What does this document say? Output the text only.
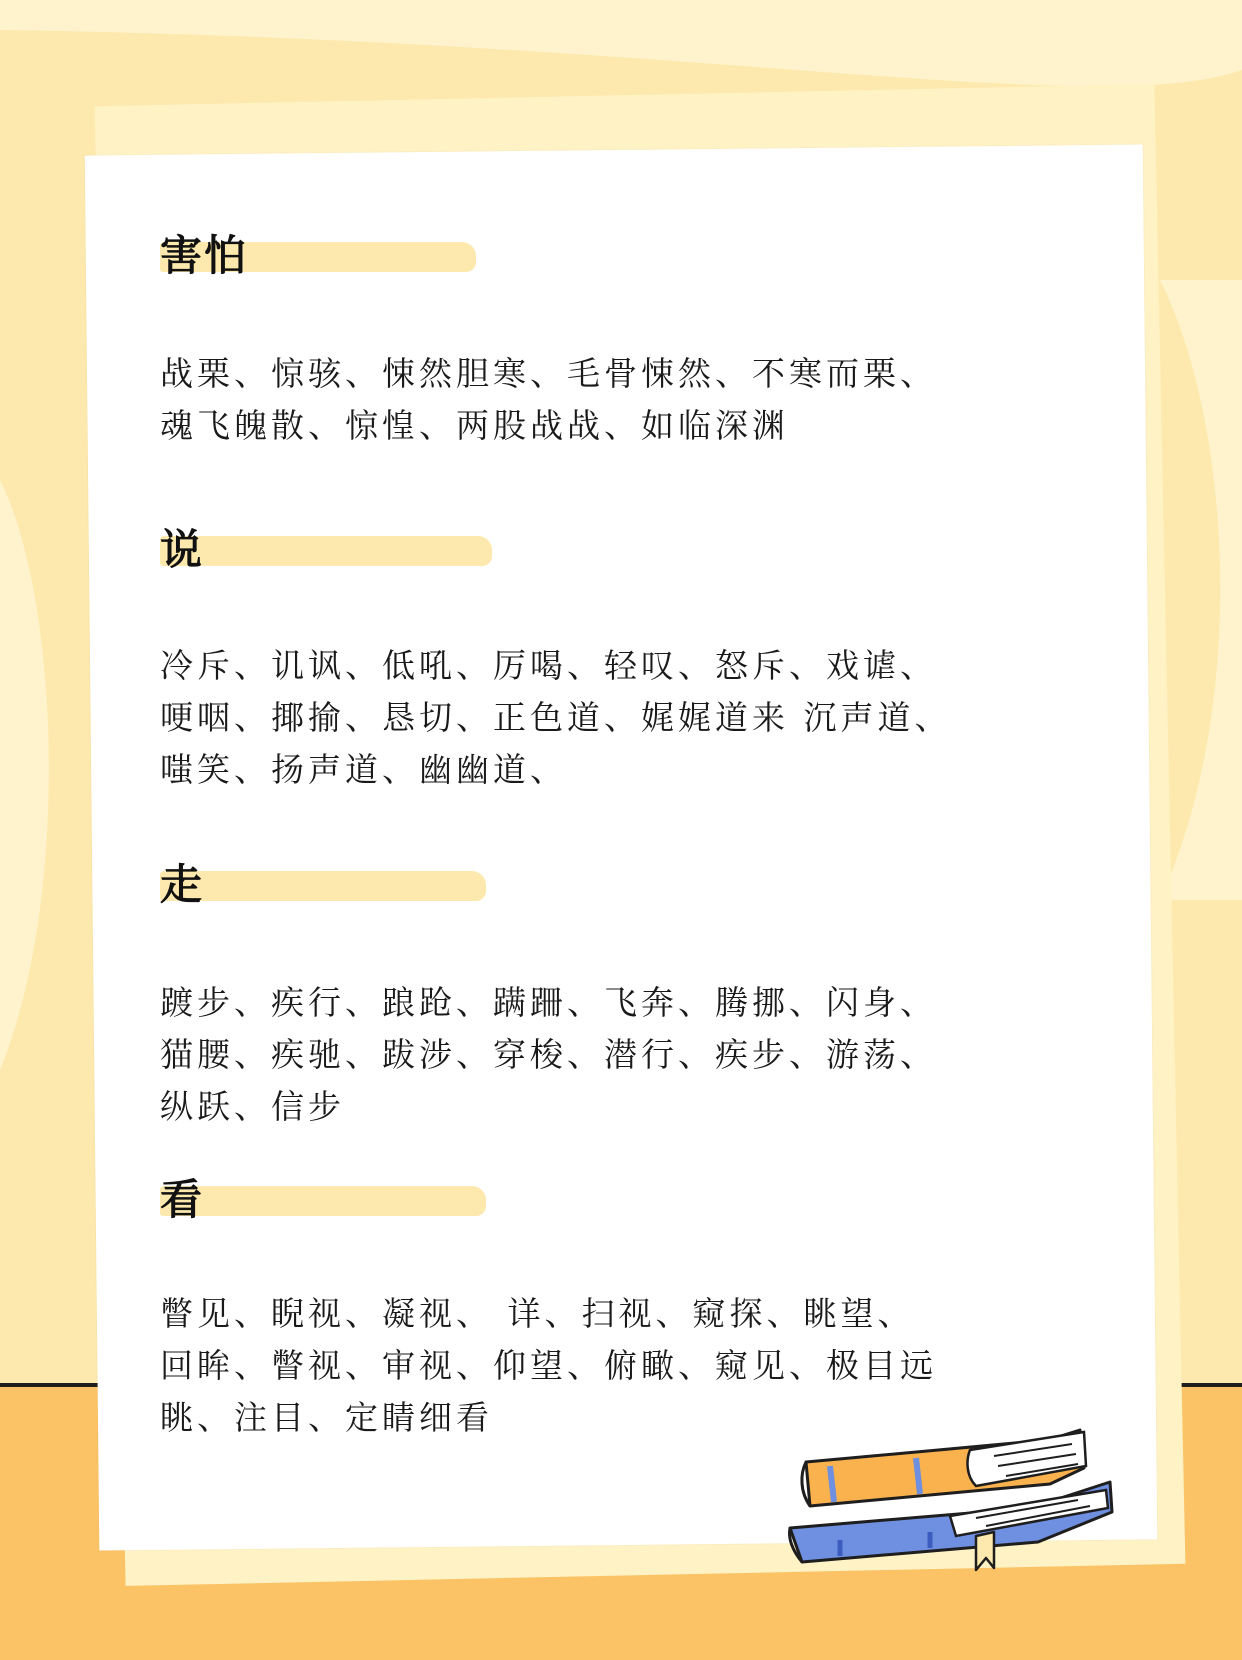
害怕

战栗、惊骇、悚然胆寒、毛骨悚然、不寒而栗、

魂飞魄散、惊惶、两股战战、如临深渊

说

冷斥、讥讽、低吼、厉喝、轻叹、怒斥、戏谑、

哽咽、揶揄、恳切、正色道、娓娓道来 沉声道、

嗤笑、扬声道、幽幽道、

走

踱步、疾行、踉跄、蹒跚、飞奔、腾挪、闪身、

猫腰、疾驰、跋涉、穿梭、潜行、疾步、游荡、

纵跃、信步

看

瞥见、睨视、凝视、 详、扫视、窥探、眺望、

回眸、瞥视、审视、仰望、俯瞰、窥见、极目远

眺、注目、定睛细看
